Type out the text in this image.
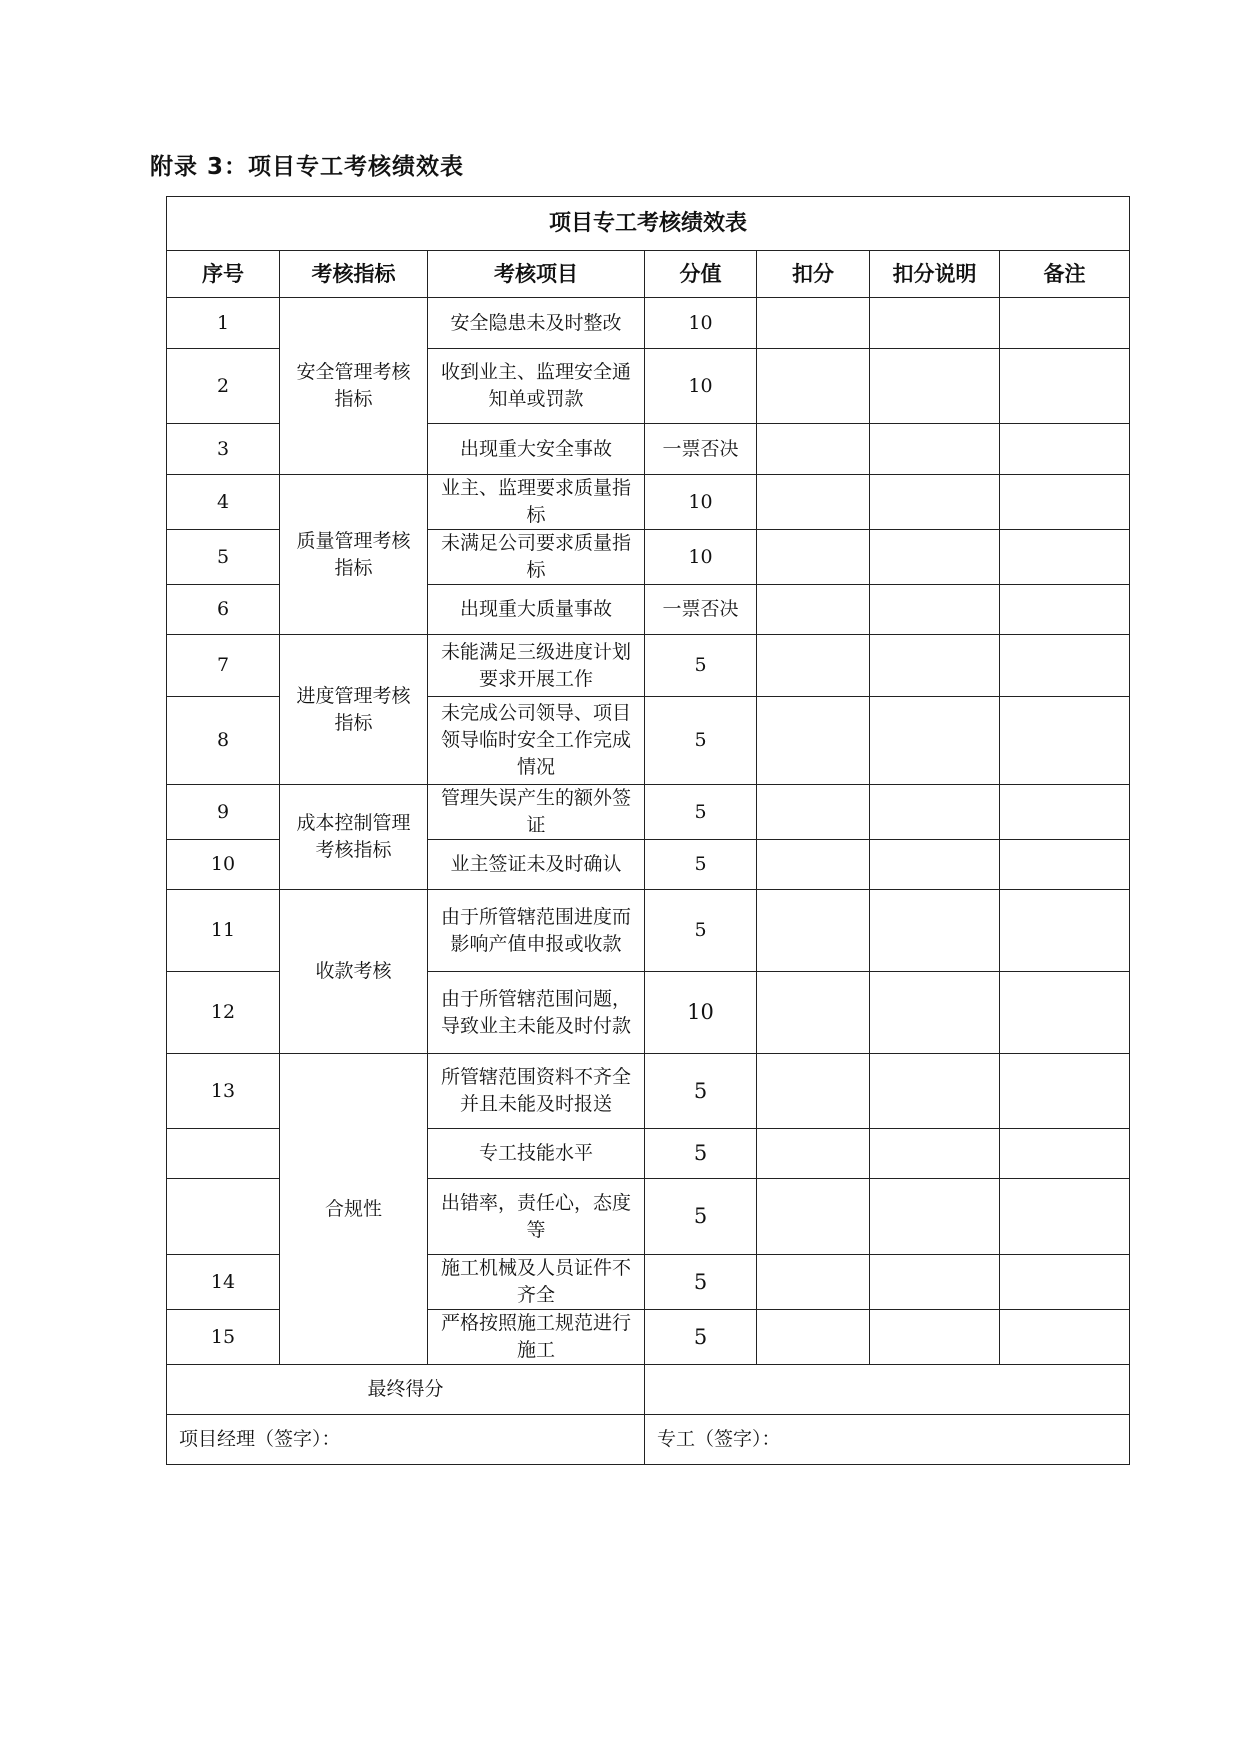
附录 3：项目专工考核绩效表
项目专工考核绩效表						
序号	考核指标	考核项目	分值	扣分	扣分说明	备注
1	安全管理考核指标	安全隐患未及时整改	10			
2		收到业主、监理安全通知单或罚款	10			
3		出现重大安全事故	一票否决			
4	质量管理考核指标	业主、监理要求质量指标	10			
5		未满足公司要求质量指标	10			
6		出现重大质量事故	一票否决			
7	进度管理考核指标	未能满足三级进度计划要求开展工作	5			
8		未完成公司领导、项目领导临时安全工作完成情况	5			
9	成本控制管理考核指标	管理失误产生的额外签证	5			
10		业主签证未及时确认	5			
11	收款考核	由于所管辖范围进度而影响产值申报或收款	5			
12		由于所管辖范围问题，导致业主未能及时付款	10			
13	合规性	所管辖范围资料不齐全并且未能及时报送	5			
		专工技能水平	5			
		出错率，责任心，态度等	5			
14		施工机械及人员证件不齐全	5			
15		严格按照施工规范进行施工	5			
最终得分						
项目经理（签字）：			专工（签字）：			
